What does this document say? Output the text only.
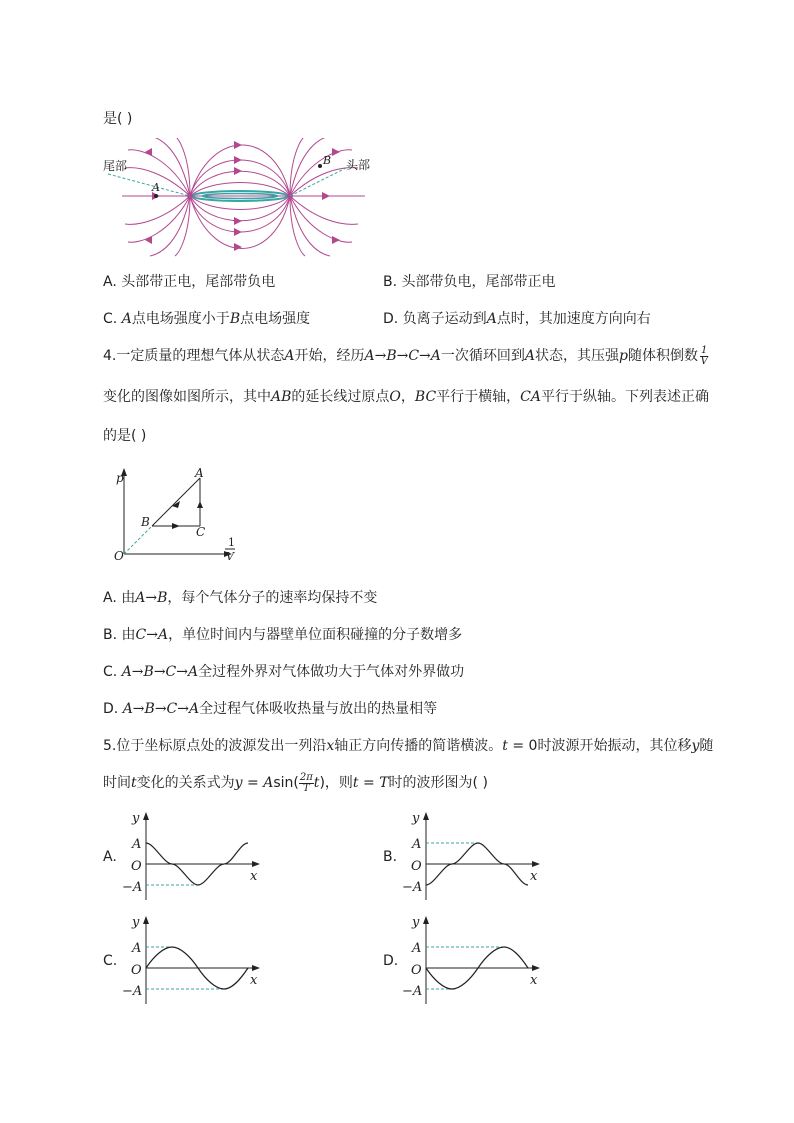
是( )
尾部	头部
A
B
A. 头部带正电，尾部带负电	B. 头部带负电，尾部带正电
C. A点电场强度小于B点电场强度	D. 负离子运动到A点时，其加速度方向向右
4.一定质量的理想气体从状态A开始，经历A→B→C→A一次循环回到A状态，其压强p随体积倒数 $\frac{1}{V}$
变化的图像如图所示，其中AB的延长线过原点O，BC平行于横轴，CA平行于纵轴。下列表述正确
的是( )
p
O
A
B
C
1
V
A. 由A→B，每个气体分子的速率均保持不变
B. 由C→A，单位时间内与器壁单位面积碰撞的分子数增多
C. A→B→C→A全过程外界对气体做功大于气体对外界做功
D. A→B→C→A全过程气体吸收热量与放出的热量相等
5.位于坐标原点处的波源发出一列沿x轴正方向传播的简谐横波。t = 0时波源开始振动，其位移y随
时间t变化的关系式为$y = Asin( \frac{2\pi}{T} t)$，则t = T时的波形图为( )
A.
y
A
O
−A
x
B.
y
A
O
−A
x
C.
y
A
O
−A
x
D.
y
A
O
−A
x
